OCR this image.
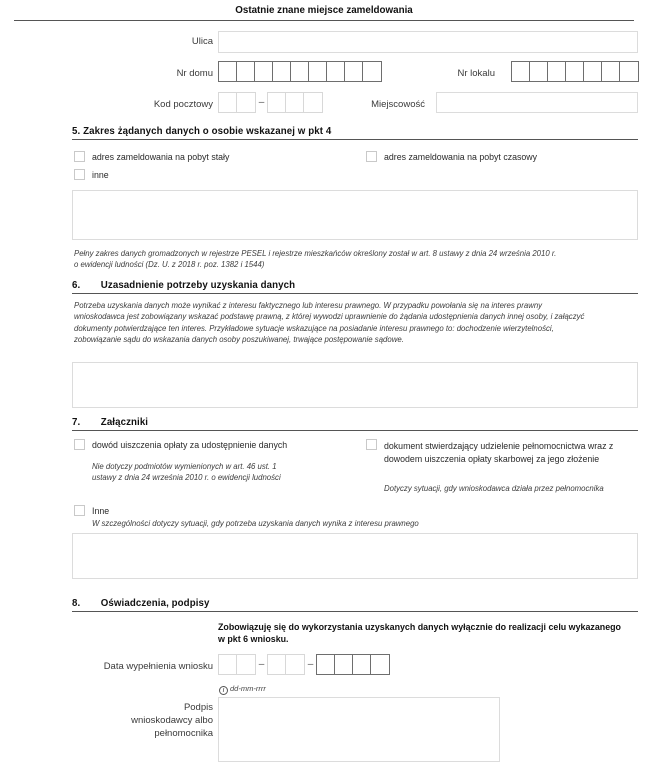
Ostatnie znane miejsce zameldowania
Ulica
Nr domu	Nr lokalu
Kod pocztowy	–	Miejscowość
5. Zakres żądanych danych o osobie wskazanej w pkt 4
adres zameldowania na pobyt stały	adres zameldowania na pobyt czasowy
inne
Pełny zakres danych gromadzonych w rejestrze PESEL i rejestrze mieszkańców określony został w art. 8 ustawy z dnia 24 września 2010 r.
o ewidencji ludności (Dz. U. z 2018 r. poz. 1382 i 1544)
6. Uzasadnienie potrzeby uzyskania danych
Potrzeba uzyskania danych może wynikać z interesu faktycznego lub interesu prawnego. W przypadku powołania się na interes prawny
wnioskodawca jest zobowiązany wskazać podstawę prawną, z której wywodzi uprawnienie do żądania udostępnienia danych innej osoby, i załączyć
dokumenty potwierdzające ten interes. Przykładowe sytuacje wskazujące na posiadanie interesu prawnego to: dochodzenie wierzytelności,
zobowiązanie sądu do wskazania danych osoby poszukiwanej, trwające postępowanie sądowe.
7. Załączniki
dowód uiszczenia opłaty za udostępnienie danych
Nie dotyczy podmiotów wymienionych w art. 46 ust. 1
ustawy z dnia 24 września 2010 r. o ewidencji ludności
dokument stwierdzający udzielenie pełnomocnictwa wraz z dowodem uiszczenia opłaty skarbowej za jego złożenie
Dotyczy sytuacji, gdy wnioskodawca działa przez pełnomocnika
Inne
W szczególności dotyczy sytuacji, gdy potrzeba uzyskania danych wynika z interesu prawnego
8. Oświadczenia, podpisy
Zobowiązuję się do wykorzystania uzyskanych danych wyłącznie do realizacji celu wykazanego
w pkt 6 wniosku.
Data wypełnienia wniosku	–	–
i dd-mm-rrrr
Podpis
wnioskodawcy albo
pełnomocnika
